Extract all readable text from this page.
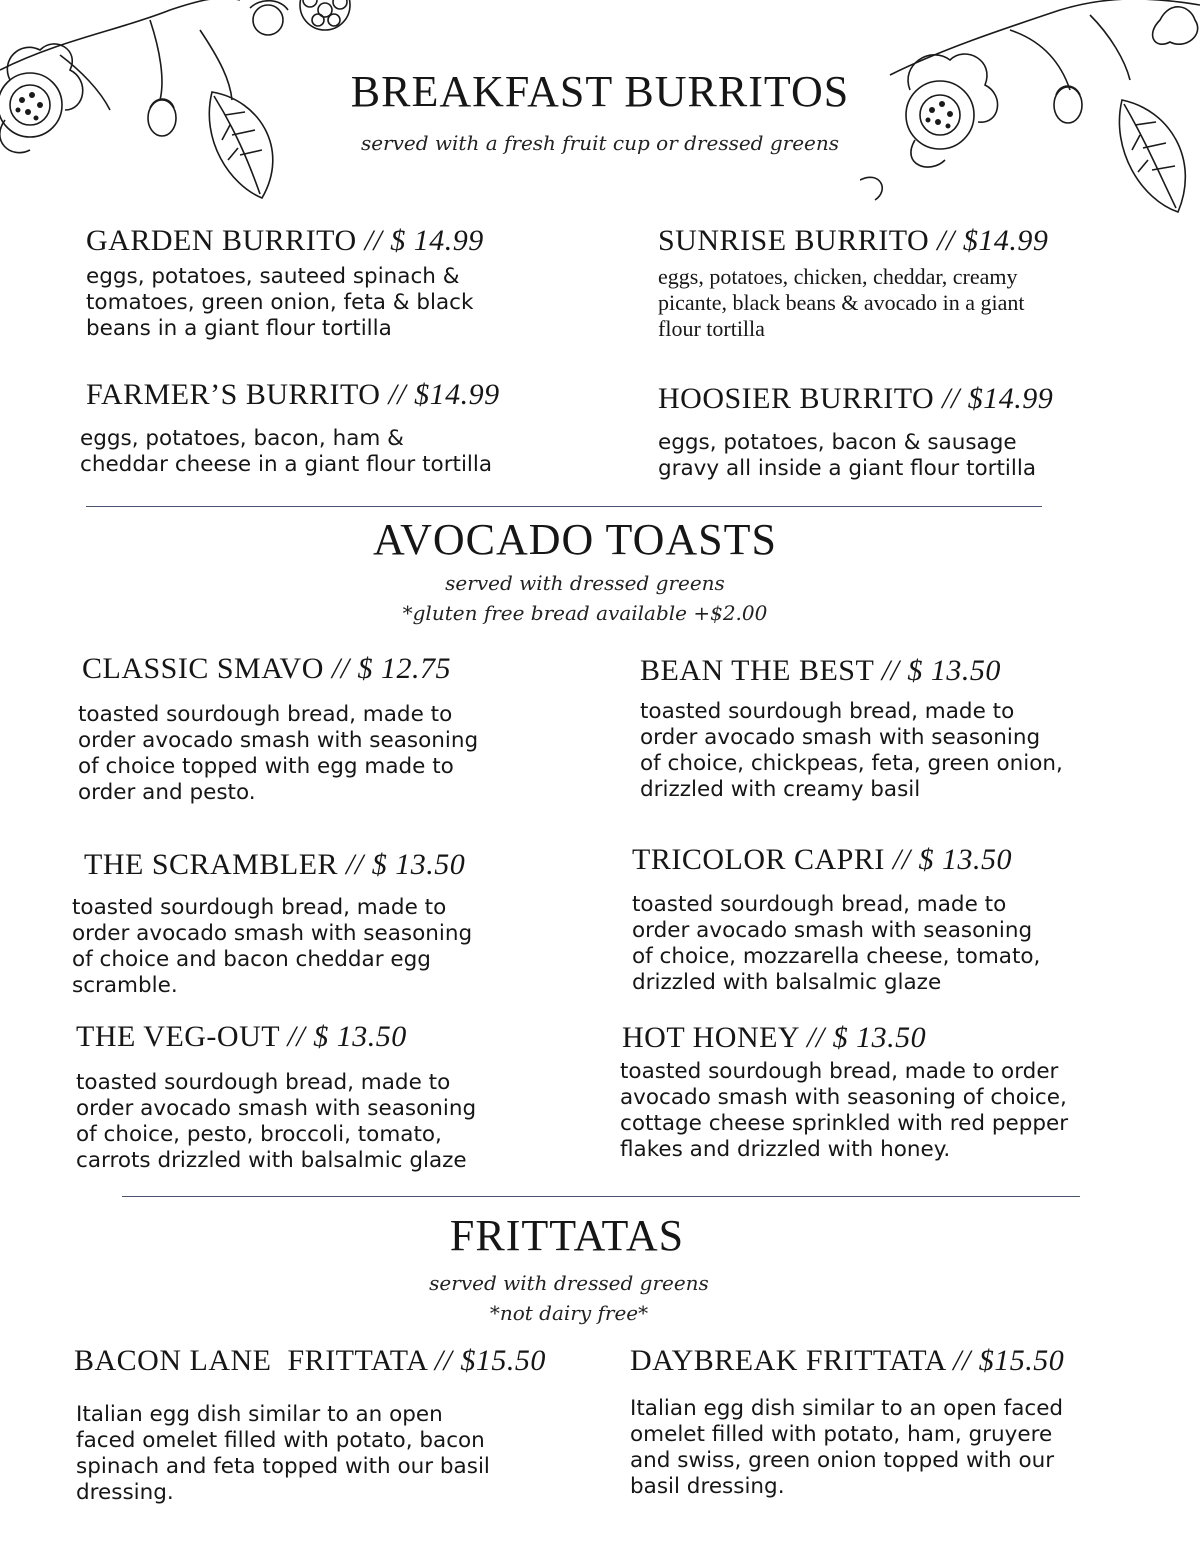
BREAKFAST BURRITOS
served with a fresh fruit cup or dressed greens
GARDEN BURRITO // $ 14.99
eggs, potatoes, sauteed spinach &
tomatoes, green onion, feta & black
beans in a giant flour tortilla
SUNRISE BURRITO // $14.99
eggs, potatoes, chicken, cheddar, creamy
picante, black beans & avocado in a giant
flour tortilla
FARMER’S BURRITO // $14.99
eggs, potatoes, bacon, ham &
cheddar cheese in a giant flour tortilla
HOOSIER BURRITO // $14.99
eggs, potatoes, bacon & sausage
gravy all inside a giant flour tortilla
AVOCADO TOASTS
served with dressed greens
*gluten free bread available +$2.00
CLASSIC SMAVO // $ 12.75
toasted sourdough bread, made to
order avocado smash with seasoning
of choice topped with egg made to
order and pesto.
BEAN THE BEST // $ 13.50
toasted sourdough bread, made to
order avocado smash with seasoning
of choice, chickpeas, feta, green onion,
drizzled with creamy basil
THE SCRAMBLER // $ 13.50
toasted sourdough bread, made to
order avocado smash with seasoning
of choice and bacon cheddar egg
scramble.
TRICOLOR CAPRI // $ 13.50
toasted sourdough bread, made to
order avocado smash with seasoning
of choice, mozzarella cheese, tomato,
drizzled with balsalmic glaze
THE VEG-OUT // $ 13.50
toasted sourdough bread, made to
order avocado smash with seasoning
of choice, pesto, broccoli, tomato,
carrots drizzled with balsalmic glaze
HOT HONEY // $ 13.50
toasted sourdough bread, made to order
avocado smash with seasoning of choice,
cottage cheese sprinkled with red pepper
flakes and drizzled with honey.
FRITTATAS
served with dressed greens
*not dairy free*
BACON LANE  FRITTATA // $15.50
Italian egg dish similar to an open
faced omelet filled with potato, bacon
spinach and feta topped with our basil
dressing.
DAYBREAK FRITTATA // $15.50
Italian egg dish similar to an open faced
omelet filled with potato, ham, gruyere
and swiss, green onion topped with our
basil dressing.
